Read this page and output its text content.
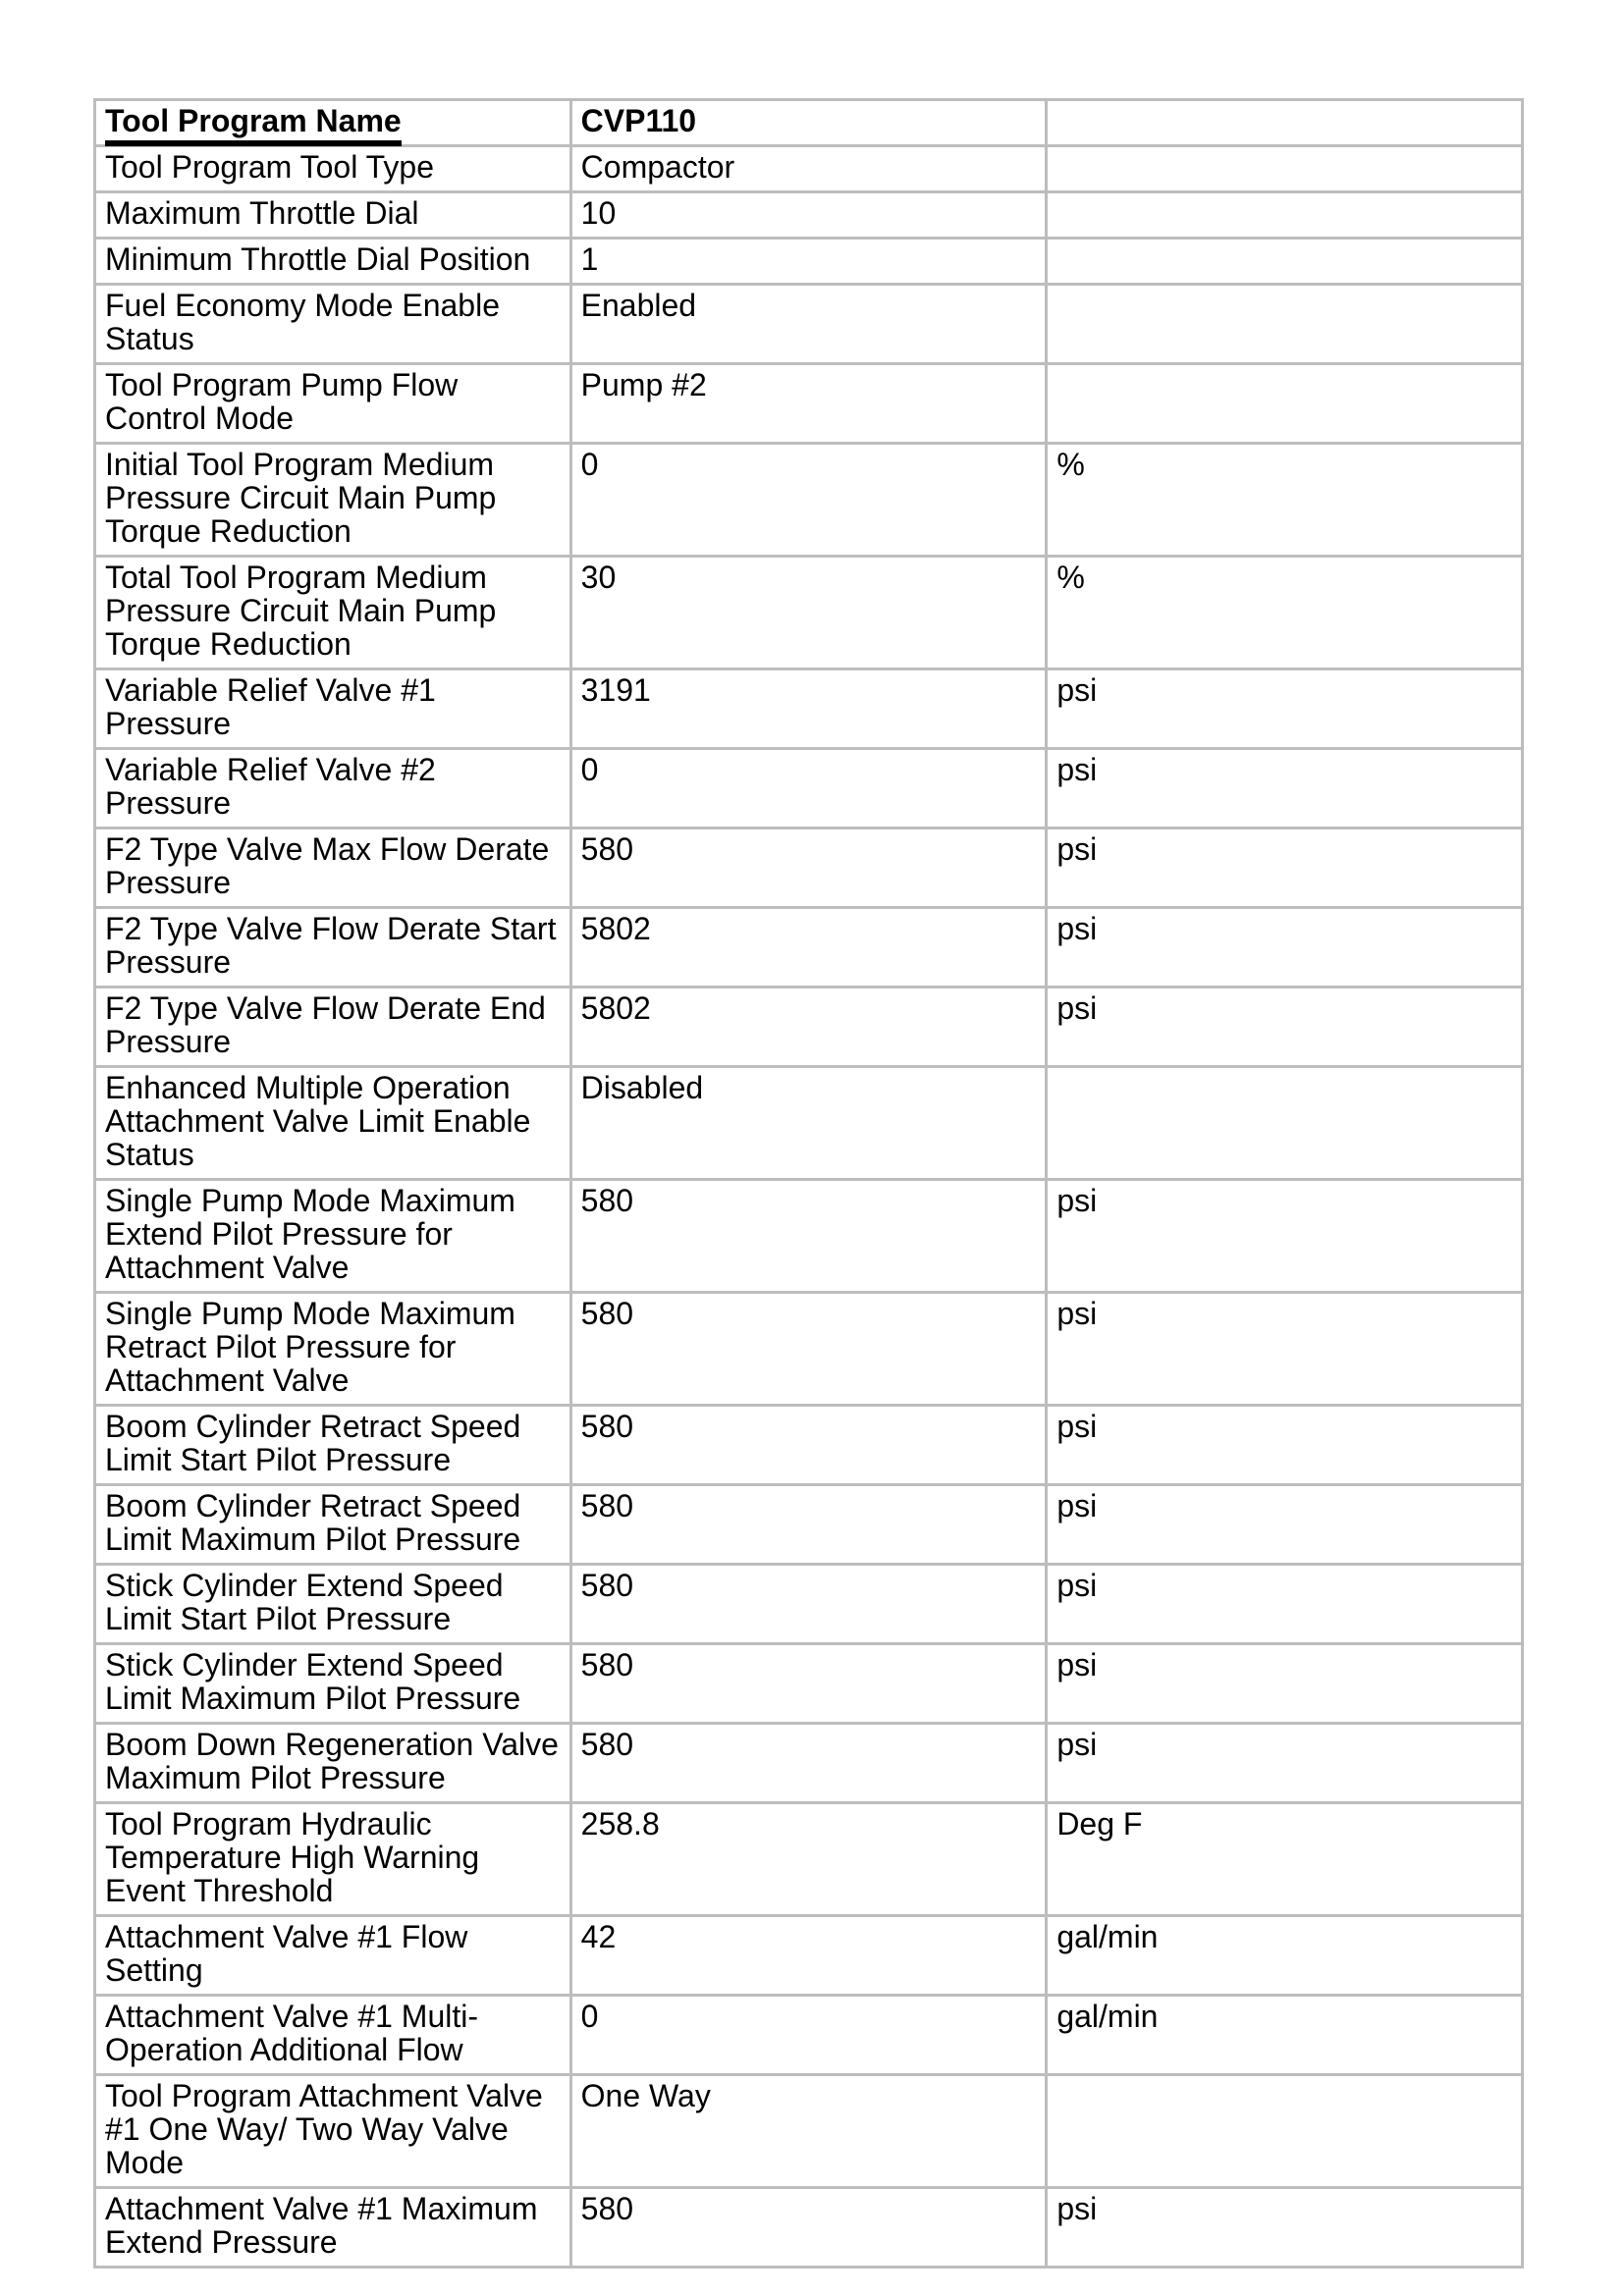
Tool Program Name	CVP110	
Tool Program Tool Type	Compactor	
Maximum Throttle Dial	10	
Minimum Throttle Dial Position	1	
Fuel Economy Mode Enable Status	Enabled	
Tool Program Pump Flow Control Mode	Pump #2	
Initial Tool Program Medium Pressure Circuit Main Pump Torque Reduction	0	%
Total Tool Program Medium Pressure Circuit Main Pump Torque Reduction	30	%
Variable Relief Valve #1 Pressure	3191	psi
Variable Relief Valve #2 Pressure	0	psi
F2 Type Valve Max Flow Derate Pressure	580	psi
F2 Type Valve Flow Derate Start Pressure	5802	psi
F2 Type Valve Flow Derate End Pressure	5802	psi
Enhanced Multiple Operation Attachment Valve Limit Enable Status	Disabled	
Single Pump Mode Maximum Extend Pilot Pressure for Attachment Valve	580	psi
Single Pump Mode Maximum Retract Pilot Pressure for Attachment Valve	580	psi
Boom Cylinder Retract Speed Limit Start Pilot Pressure	580	psi
Boom Cylinder Retract Speed Limit Maximum Pilot Pressure	580	psi
Stick Cylinder Extend Speed Limit Start Pilot Pressure	580	psi
Stick Cylinder Extend Speed Limit Maximum Pilot Pressure	580	psi
Boom Down Regeneration Valve Maximum Pilot Pressure	580	psi
Tool Program Hydraulic Temperature High Warning Event Threshold	258.8	Deg F
Attachment Valve #1 Flow Setting	42	gal/min
Attachment Valve #1 Multi-Operation Additional Flow	0	gal/min
Tool Program Attachment Valve #1 One Way/ Two Way Valve Mode	One Way	
Attachment Valve #1 Maximum Extend Pressure	580	psi
